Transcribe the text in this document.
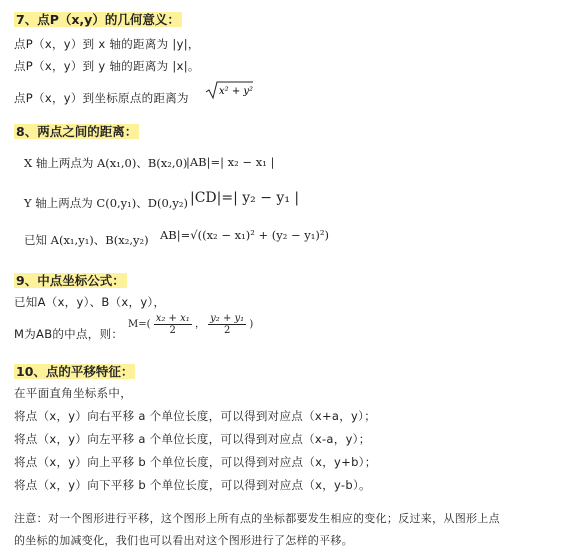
7、点P（x,y）的几何意义：
点P（x，y）到 x 轴的距离为 |y|，
点P（x，y）到 y 轴的距离为 |x|。
点P（x，y）到坐标原点的距离为	x² + y²
8、两点之间的距离：
X 轴上两点为 A(x₁,0)、B(x₂,0)
|AB|=| x₂ − x₁ |
Y 轴上两点为 C(0,y₁)、D(0,y₂) |CD|=| y₂ − y₁ |
已知 A(x₁,y₁)、B(x₂,y₂) AB|=√((x₂ − x₁)² + (y₂ − y₁)²)
9、中点坐标公式：
已知A（x，y）、B（x，y），
M为AB的中点，则：
$M=( \frac{\text{x₂ + x₁}}{2}$ ， $\frac{\text{y₂ + y₁}}{2}$ )
10、点的平移特征：
在平面直角坐标系中，
将点（x，y）向右平移 a 个单位长度，可以得到对应点（x+a，y）；
将点（x，y）向左平移 a 个单位长度，可以得到对应点（x-a，y）；
将点（x，y）向上平移 b 个单位长度，可以得到对应点（x，y+b）；
将点（x，y）向下平移 b 个单位长度，可以得到对应点（x，y-b）。
注意：对一个图形进行平移，这个图形上所有点的坐标都要发生相应的变化；反过来，从图形上点
的坐标的加减变化，我们也可以看出对这个图形进行了怎样的平移。
